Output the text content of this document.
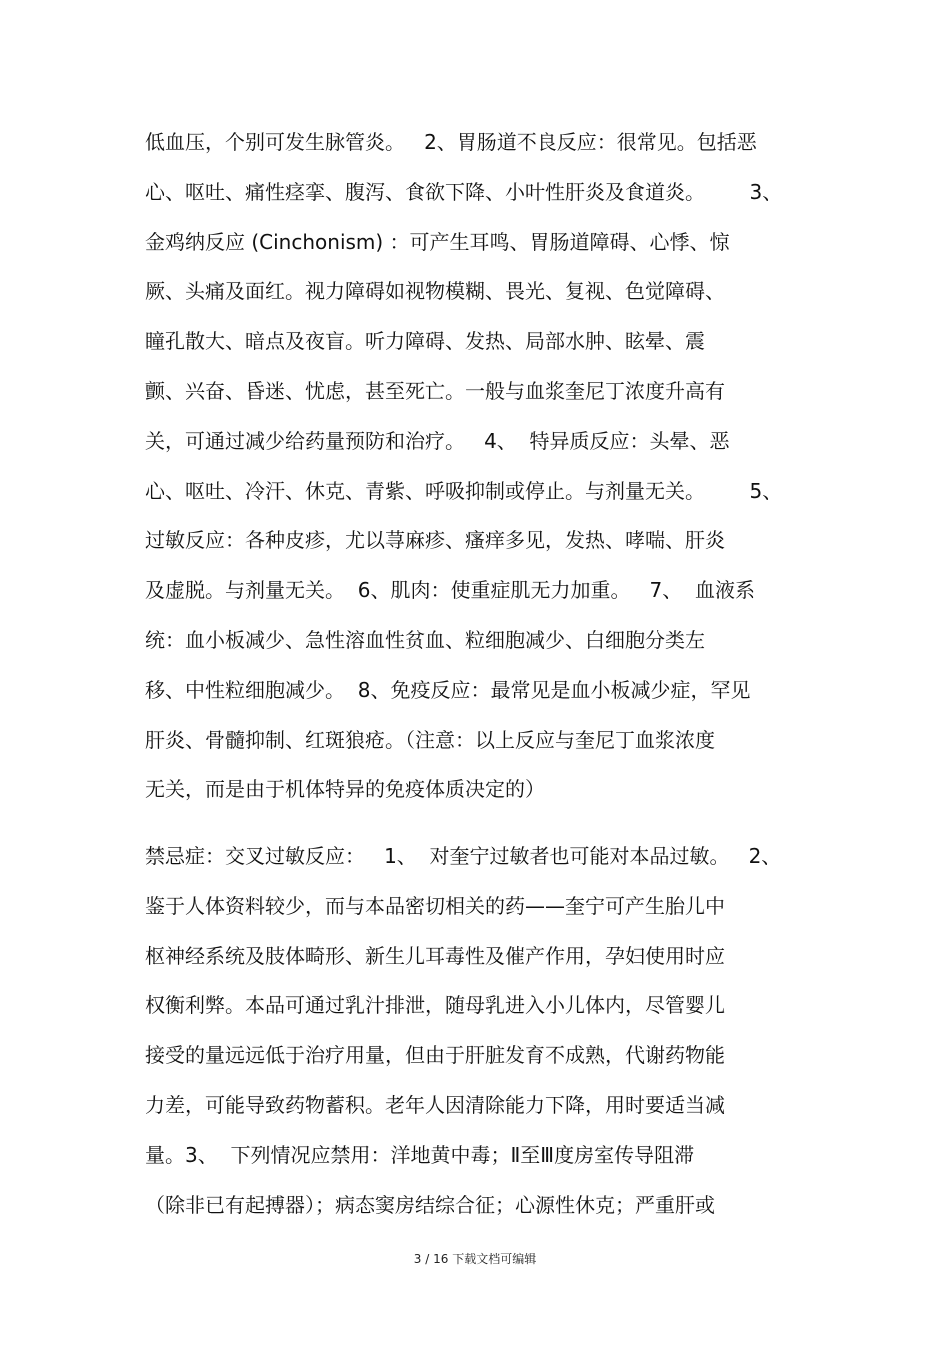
低血压，个别可发生脉管炎。   2、胃肠道不良反应：很常见。包括恶
心、呕吐、痛性痉挛、腹泻、食欲下降、小叶性肝炎及食道炎。       3、
金鸡纳反应 (Cinchonism) ：可产生耳鸣、胃肠道障碍、心悸、惊
厥、头痛及面红。视力障碍如视物模糊、畏光、复视、色觉障碍、
瞳孔散大、暗点及夜盲。听力障碍、发热、局部水肿、眩晕、震
颤、兴奋、昏迷、忧虑，甚至死亡。一般与血浆奎尼丁浓度升高有
关，可通过减少给药量预防和治疗。   4、  特异质反应：头晕、恶
心、呕吐、冷汗、休克、青紫、呼吸抑制或停止。与剂量无关。       5、
过敏反应：各种皮疹，尤以荨麻疹、瘙痒多见，发热、哮喘、肝炎
及虚脱。与剂量无关。  6、肌肉：使重症肌无力加重。   7、  血液系
统：血小板减少、急性溶血性贫血、粒细胞减少、白细胞分类左
移、中性粒细胞减少。  8、免疫反应：最常见是血小板减少症，罕见
肝炎、骨髓抑制、红斑狼疮。（注意：以上反应与奎尼丁血浆浓度
无关，而是由于机体特异的免疫体质决定的）
禁忌症：交叉过敏反应：   1、  对奎宁过敏者也可能对本品过敏。   2、
鉴于人体资料较少，而与本品密切相关的药——奎宁可产生胎儿中
枢神经系统及肢体畸形、新生儿耳毒性及催产作用，孕妇使用时应
权衡利弊。本品可通过乳汁排泄，随母乳进入小儿体内，尽管婴儿
接受的量远远低于治疗用量，但由于肝脏发育不成熟，代谢药物能
力差，可能导致药物蓄积。老年人因清除能力下降，用时要适当减
量。3、  下列情况应禁用：洋地黄中毒；Ⅱ至Ⅲ度房室传导阻滞
（除非已有起搏器）；病态窦房结综合征；心源性休克；严重肝或
3 / 16 下载文档可编辑
